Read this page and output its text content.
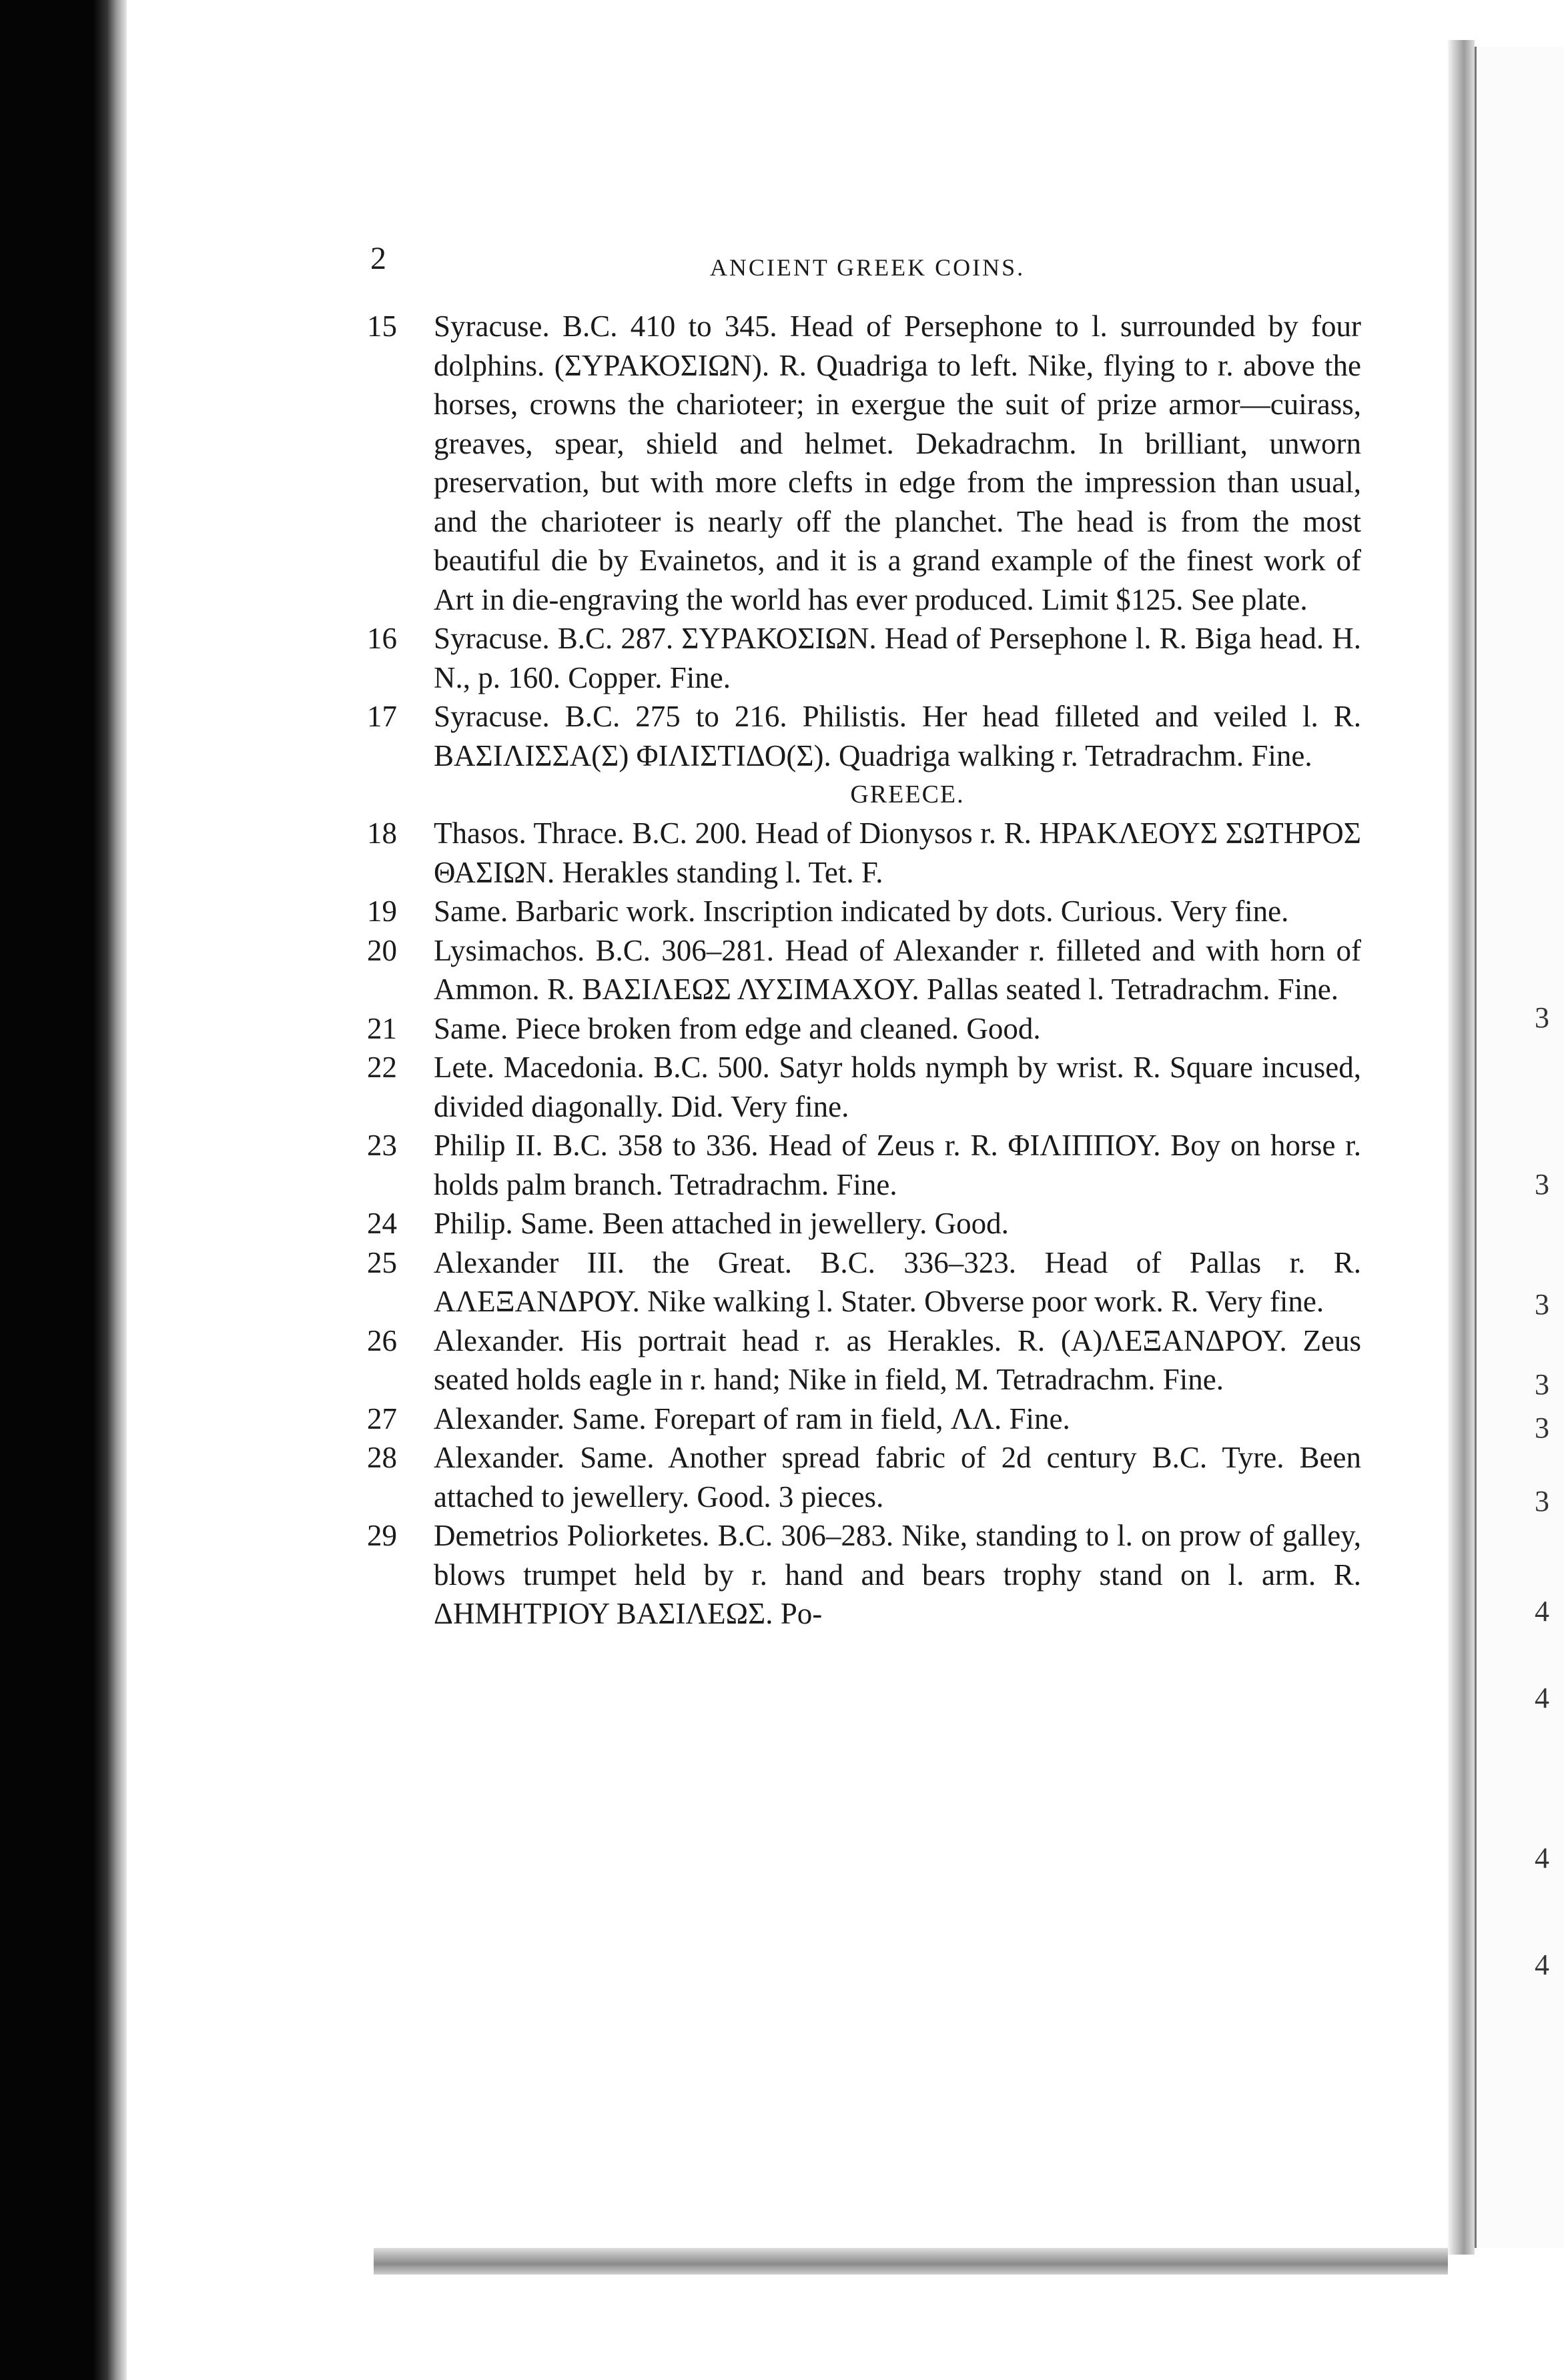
2	ANCIENT GREEK COINS.
15	Syracuse. B.C. 410 to 345. Head of Persephone to l. surrounded by four dolphins. (ΣΥΡΑΚΟΣΙΩΝ). R. Quadriga to left. Nike, flying to r. above the horses, crowns the charioteer; in exergue the suit of prize armor—cuirass, greaves, spear, shield and helmet. Dekadrachm. In brilliant, unworn preservation, but with more clefts in edge from the impression than usual, and the charioteer is nearly off the planchet. The head is from the most beautiful die by Evainetos, and it is a grand example of the finest work of Art in die-engraving the world has ever produced. Limit $125. See plate.
16	Syracuse. B.C. 287. ΣΥΡΑΚΟΣΙΩΝ. Head of Persephone l. R. Biga head. H. N., p. 160. Copper. Fine.
17	Syracuse. B.C. 275 to 216. Philistis. Her head filleted and veiled l. R. ΒΑΣΙΛΙΣΣΑ(Σ) ΦΙΛΙΣΤΙΔΟ(Σ). Quadriga walking r. Tetradrachm. Fine.
GREECE.
18	Thasos. Thrace. B.C. 200. Head of Dionysos r. R. ΗΡΑΚΛΕΟΥΣ ΣΩΤΗΡΟΣ ΘΑΣΙΩΝ. Herakles standing l. Tet. F.
19	Same. Barbaric work. Inscription indicated by dots. Curious. Very fine.
20	Lysimachos. B.C. 306–281. Head of Alexander r. filleted and with horn of Ammon. R. ΒΑΣΙΛΕΩΣ ΛΥΣΙΜΑΧΟΥ. Pallas seated l. Tetradrachm. Fine.
21	Same. Piece broken from edge and cleaned. Good.
22	Lete. Macedonia. B.C. 500. Satyr holds nymph by wrist. R. Square incused, divided diagonally. Did. Very fine.
23	Philip II. B.C. 358 to 336. Head of Zeus r. R. ΦΙΛΙΠΠΟΥ. Boy on horse r. holds palm branch. Tetradrachm. Fine.
24	Philip. Same. Been attached in jewellery. Good.
25	Alexander III. the Great. B.C. 336–323. Head of Pallas r. R. ΑΛΕΞΑΝΔΡΟΥ. Nike walking l. Stater. Obverse poor work. R. Very fine.
26	Alexander. His portrait head r. as Herakles. R. (Α)ΛΕΞΑΝΔΡΟΥ. Zeus seated holds eagle in r. hand; Nike in field, Μ. Tetradrachm. Fine.
27	Alexander. Same. Forepart of ram in field, ΛΛ. Fine.
28	Alexander. Same. Another spread fabric of 2d century B.C. Tyre. Been attached to jewellery. Good. 3 pieces.
29	Demetrios Poliorketes. B.C. 306–283. Nike, standing to l. on prow of galley, blows trumpet held by r. hand and bears trophy stand on l. arm. R. ΔΗΜΗΤΡΙΟΥ ΒΑΣΙΛΕΩΣ. Po-
3
3
3
3
3
3
4
4
4
4
